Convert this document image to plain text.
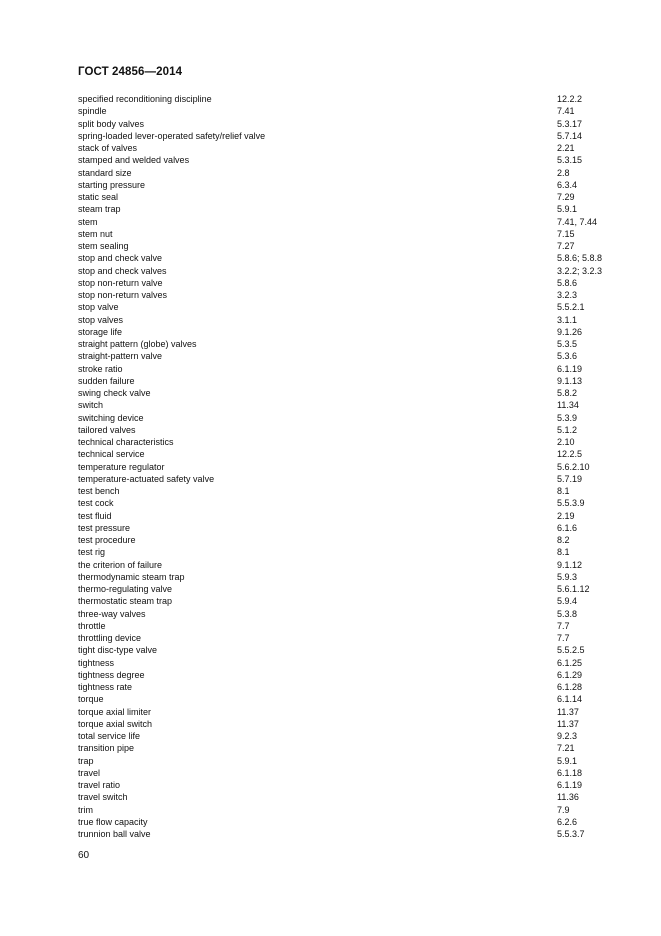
ГОСТ 24856—2014
specified reconditioning discipline	12.2.2
spindle	7.41
split body valves	5.3.17
spring-loaded lever-operated safety/relief valve	5.7.14
stack of valves	2.21
stamped and welded valves	5.3.15
standard size	2.8
starting pressure	6.3.4
static seal	7.29
steam trap	5.9.1
stem	7.41, 7.44
stem nut	7.15
stem sealing	7.27
stop and check valve	5.8.6; 5.8.8
stop and check valves	3.2.2; 3.2.3
stop non-return valve	5.8.6
stop non-return valves	3.2.3
stop valve	5.5.2.1
stop valves	3.1.1
storage life	9.1.26
straight pattern (globe) valves	5.3.5
straight-pattern valve	5.3.6
stroke ratio	6.1.19
sudden failure	9.1.13
swing check valve	5.8.2
switch	11.34
switching device	5.3.9
tailored valves	5.1.2
technical characteristics	2.10
technical service	12.2.5
temperature regulator	5.6.2.10
temperature-actuated safety valve	5.7.19
test bench	8.1
test cock	5.5.3.9
test fluid	2.19
test pressure	6.1.6
test procedure	8.2
test rig	8.1
the criterion of failure	9.1.12
thermodynamic steam trap	5.9.3
thermo-regulating valve	5.6.1.12
thermostatic steam trap	5.9.4
three-way valves	5.3.8
throttle	7.7
throttling device	7.7
tight disc-type valve	5.5.2.5
tightness	6.1.25
tightness degree	6.1.29
tightness rate	6.1.28
torque	6.1.14
torque axial limiter	11.37
torque axial switch	11.37
total service life	9.2.3
transition pipe	7.21
trap	5.9.1
travel	6.1.18
travel ratio	6.1.19
travel switch	11.36
trim	7.9
true flow capacity	6.2.6
trunnion ball valve	5.5.3.7
60
